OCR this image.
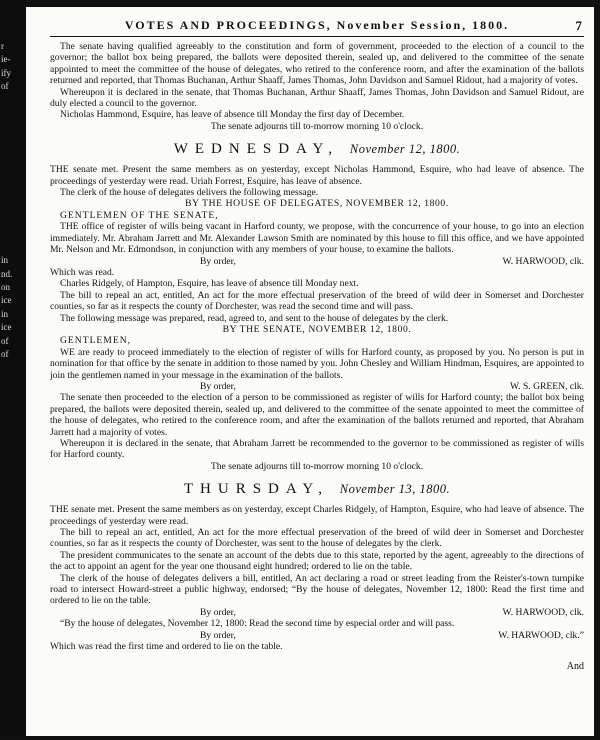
r
ie-
ify
of
in
nd.
on
ice
in
ice
of
of
VOTES AND PROCEEDINGS, November Session, 1800.	7

The senate having qualified agreeably to the constitution and form of government, proceeded to the election of a council to the governor; the ballot box being prepared, the ballots were deposited therein, sealed up, and delivered to the committee of the senate appointed to meet the committee of the house of delegates, who retired to the conference room, and after the examination of the ballots returned and reported, that Thomas Buchanan, Arthur Shaaff, James Thomas, John Davidson and Samuel Ridout, had a majority of votes.

Whereupon it is declared in the senate, that Thomas Buchanan, Arthur Shaaff, James Thomas, John Davidson and Samuel Ridout, are duly elected a council to the governor.

Nicholas Hammond, Esquire, has leave of absence till Monday the first day of December.

The senate adjourns till to-morrow morning 10 o'clock.

WEDNESDAY, November 12, 1800.

THE senate met. Present the same members as on yesterday, except Nicholas Hammond, Esquire, who had leave of absence. The proceedings of yesterday were read. Uriah Forrest, Esquire, has leave of absence.

The clerk of the house of delegates delivers the following message.

BY THE HOUSE OF DELEGATES, NOVEMBER 12, 1800.

GENTLEMEN OF THE SENATE,

THE office of register of wills being vacant in Harford county, we propose, with the concurrence of your house, to go into an election immediately. Mr. Abraham Jarrett and Mr. Alexander Lawson Smith are nominated by this house to fill this office, and we have appointed Mr. Nelson and Mr. Edmondson, in conjunction with any members of your house, to examine the ballots.

By order,	W. HARWOOD, clk.

Which was read.

Charles Ridgely, of Hampton, Esquire, has leave of absence till Monday next.

The bill to repeal an act, entitled, An act for the more effectual preservation of the breed of wild deer in Somerset and Dorchester counties, so far as it respects the county of Dorchester, was read the second time and will pass.

The following message was prepared, read, agreed to, and sent to the house of delegates by the clerk.

BY THE SENATE, NOVEMBER 12, 1800.

GENTLEMEN,

WE are ready to proceed immediately to the election of register of wills for Harford county, as proposed by you. No person is put in nomination for that office by the senate in addition to those named by you. John Chesley and William Hindman, Esquires, are appointed to join the gentlemen named in your message in the examination of the ballots.

By order,	W. S. GREEN, clk.

The senate then proceeded to the election of a person to be commissioned as register of wills for Harford county; the ballot box being prepared, the ballots were deposited therein, sealed up, and delivered to the committee of the senate appointed to meet the committee of the house of delegates, who retired to the conference room, and after the examination of the ballots returned and reported, that Abraham Jarrett had a majority of votes.

Whereupon it is declared in the senate, that Abraham Jarrett be recommended to the governor to be commissioned as register of wills for Harford county.

The senate adjourns till to-morrow morning 10 o'clock.

THURSDAY, November 13, 1800.

THE senate met. Present the same members as on yesterday, except Charles Ridgely, of Hampton, Esquire, who had leave of absence. The proceedings of yesterday were read.

The bill to repeal an act, entitled, An act for the more effectual preservation of the breed of wild deer in Somerset and Dorchester counties, so far as it respects the county of Dorchester, was sent to the house of delegates by the clerk.

The president communicates to the senate an account of the debts due to this state, reported by the agent, agreeably to the directions of the act to appoint an agent for the year one thousand eight hundred; ordered to lie on the table.

The clerk of the house of delegates delivers a bill, entitled, An act declaring a road or street leading from the Reister's-town turnpike road to intersect Howard-street a public highway, endorsed; “By the house of delegates, November 12, 1800: Read the first time and ordered to lie on the table.

By order,	W. HARWOOD, clk.

“By the house of delegates, November 12, 1800: Read the second time by especial order and will pass.

By order,	W. HARWOOD, clk.”

Which was read the first time and ordered to lie on the table.

And
